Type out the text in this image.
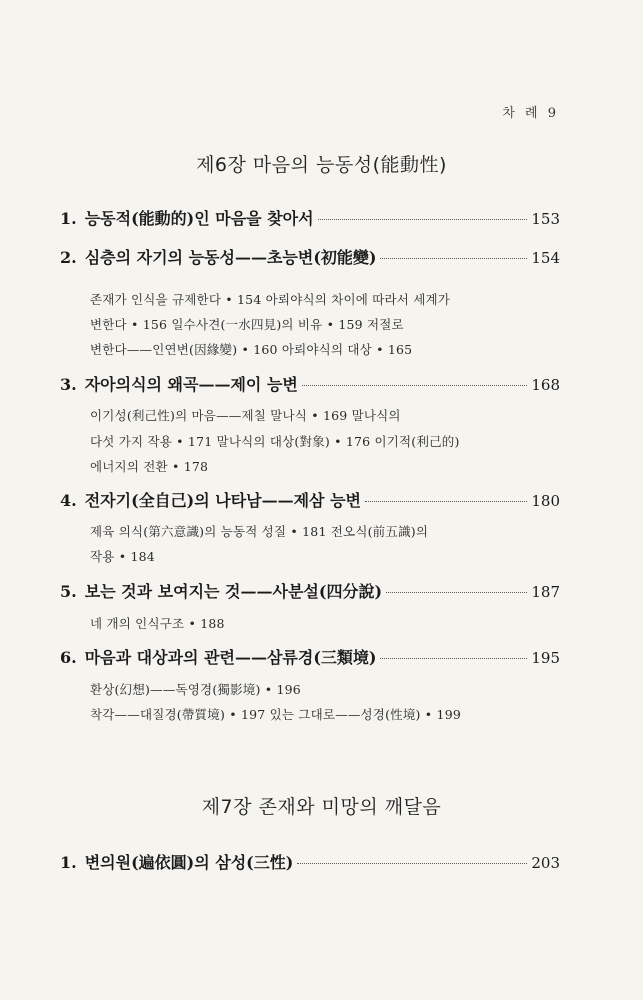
차 례 9
제6장 마음의 능동성(能動性)
1. 능동적(能動的)인 마음을 찾아서	153
2. 심층의 자기의 능동성——초능변(初能變)	154
존재가 인식을 규제한다 • 154 아뢰야식의 차이에 따라서 세계가
변한다 • 156 일수사견(一水四見)의 비유 • 159 저절로
변한다——인연변(因緣變) • 160 아뢰야식의 대상 • 165
3. 자아의식의 왜곡——제이 능변	168
이기성(利己性)의 마음——제칠 말나식 • 169 말나식의
다섯 가지 작용 • 171 말나식의 대상(對象) • 176 이기적(利己的)
에너지의 전환 • 178
4. 전자기(全自己)의 나타남——제삼 능변	180
제육 의식(第六意識)의 능동적 성질 • 181 전오식(前五識)의
작용 • 184
5. 보는 것과 보여지는 것——사분설(四分說)	187
네 개의 인식구조 • 188
6. 마음과 대상과의 관련——삼류경(三類境)	195
환상(幻想)——독영경(獨影境) • 196
착각——대질경(帶質境) • 197 있는 그대로——성경(性境) • 199
제7장 존재와 미망의 깨달음
1. 변의원(遍依圓)의 삼성(三性)	203
